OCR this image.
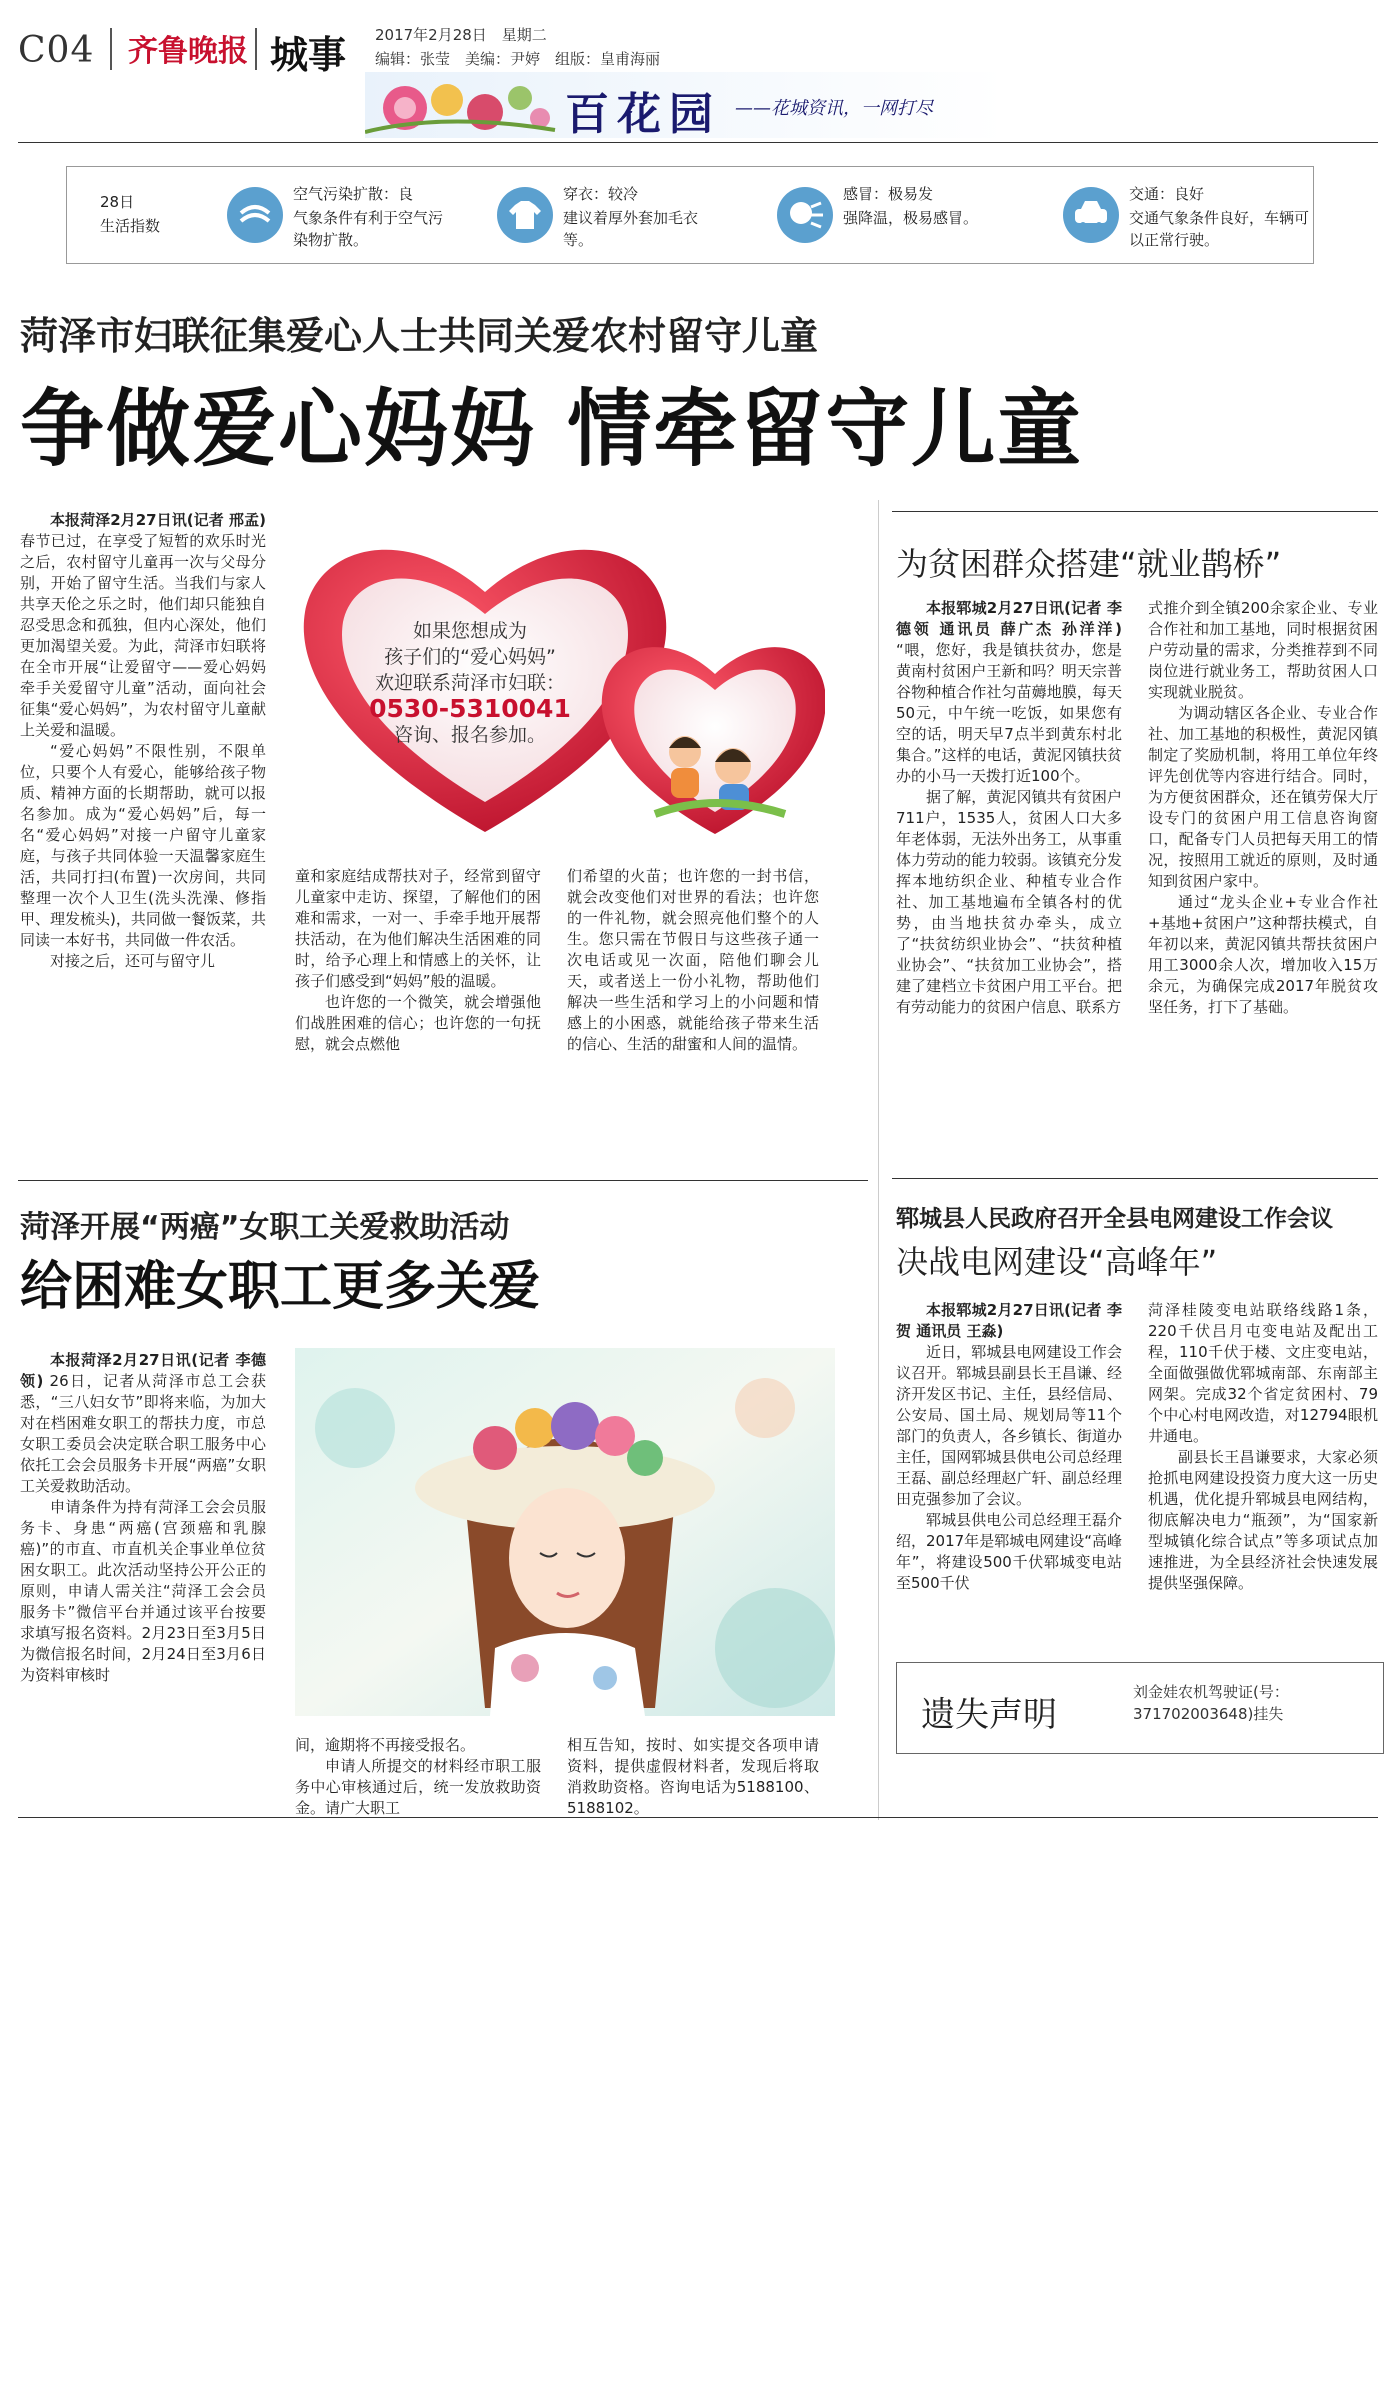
C04 齐鲁晚报 城事 2017年2月28日　星期二
编辑：张莹　美编：尹婷　组版：皇甫海丽
百花园 ——花城资讯，一网打尽
28日
生活指数
空气污染扩散：良
气象条件有利于空气污染物扩散。
穿衣：较冷
建议着厚外套加毛衣等。
感冒：极易发
强降温，极易感冒。
交通：良好
交通气象条件良好，车辆可以正常行驶。
菏泽市妇联征集爱心人士共同关爱农村留守儿童
争做爱心妈妈 情牵留守儿童

本报菏泽2月27日讯(记者 邢孟) 春节已过，在享受了短暂的欢乐时光之后，农村留守儿童再一次与父母分别，开始了留守生活。当我们与家人共享天伦之乐之时，他们却只能独自忍受思念和孤独，但内心深处，他们更加渴望关爱。为此，菏泽市妇联将在全市开展“让爱留守——爱心妈妈牵手关爱留守儿童”活动，面向社会征集“爱心妈妈”，为农村留守儿童献上关爱和温暖。

“爱心妈妈”不限性别，不限单位，只要个人有爱心，能够给孩子物质、精神方面的长期帮助，就可以报名参加。成为“爱心妈妈”后，每一名“爱心妈妈”对接一户留守儿童家庭，与孩子共同体验一天温馨家庭生活，共同打扫(布置)一次房间，共同整理一次个人卫生(洗头洗澡、修指甲、理发梳头)，共同做一餐饭菜，共同读一本好书，共同做一件农活。

对接之后，还可与留守儿

如果您想成为
孩子们的“爱心妈妈”
欢迎联系菏泽市妇联：
0530-5310041
咨询、报名参加。

童和家庭结成帮扶对子，经常到留守儿童家中走访、探望，了解他们的困难和需求，一对一、手牵手地开展帮扶活动，在为他们解决生活困难的同时，给予心理上和情感上的关怀，让孩子们感受到“妈妈”般的温暖。

也许您的一个微笑，就会增强他们战胜困难的信心；也许您的一句抚慰，就会点燃他

们希望的火苗；也许您的一封书信，就会改变他们对世界的看法；也许您的一件礼物，就会照亮他们整个的人生。您只需在节假日与这些孩子通一次电话或见一次面，陪他们聊会儿天，或者送上一份小礼物，帮助他们解决一些生活和学习上的小问题和情感上的小困惑，就能给孩子带来生活的信心、生活的甜蜜和人间的温情。

菏泽开展“两癌”女职工关爱救助活动
给困难女职工更多关爱

本报菏泽2月27日讯(记者 李德领) 26日，记者从菏泽市总工会获悉，“三八妇女节”即将来临，为加大对在档困难女职工的帮扶力度，市总女职工委员会决定联合职工服务中心依托工会会员服务卡开展“两癌”女职工关爱救助活动。

申请条件为持有菏泽工会会员服务卡、身患“两癌(宫颈癌和乳腺癌)”的市直、市直机关企事业单位贫困女职工。此次活动坚持公开公正的原则，申请人需关注“菏泽工会会员服务卡”微信平台并通过该平台按要求填写报名资料。2月23日至3月5日为微信报名时间，2月24日至3月6日为资料审核时

间，逾期将不再接受报名。

申请人所提交的材料经市职工服务中心审核通过后，统一发放救助资金。请广大职工

相互告知，按时、如实提交各项申请资料，提供虚假材料者，发现后将取消救助资格。咨询电话为5188100、5188102。

为贫困群众搭建“就业鹊桥”

本报郓城2月27日讯(记者 李德领 通讯员 薛广杰 孙洋洋) “喂，您好，我是镇扶贫办，您是黄南村贫困户王新和吗？明天宗普谷物种植合作社匀苗薅地膜，每天50元，中午统一吃饭，如果您有空的话，明天早7点半到黄东村北集合。”这样的电话，黄泥冈镇扶贫办的小马一天拨打近100个。

据了解，黄泥冈镇共有贫困户711户，1535人，贫困人口大多年老体弱，无法外出务工，从事重体力劳动的能力较弱。该镇充分发挥本地纺织企业、种植专业合作社、加工基地遍布全镇各村的优势，由当地扶贫办牵头，成立了“扶贫纺织业协会”、“扶贫种植业协会”、“扶贫加工业协会”，搭建了建档立卡贫困户用工平台。把有劳动能力的贫困户信息、联系方

式推介到全镇200余家企业、专业合作社和加工基地，同时根据贫困户劳动量的需求，分类推荐到不同岗位进行就业务工，帮助贫困人口实现就业脱贫。

为调动辖区各企业、专业合作社、加工基地的积极性，黄泥冈镇制定了奖励机制，将用工单位年终评先创优等内容进行结合。同时，为方便贫困群众，还在镇劳保大厅设专门的贫困户用工信息咨询窗口，配备专门人员把每天用工的情况，按照用工就近的原则，及时通知到贫困户家中。

通过“龙头企业+专业合作社+基地+贫困户”这种帮扶模式，自年初以来，黄泥冈镇共帮扶贫困户用工3000余人次，增加收入15万余元，为确保完成2017年脱贫攻坚任务，打下了基础。

郓城县人民政府召开全县电网建设工作会议
决战电网建设“高峰年”

本报郓城2月27日讯(记者 李贺 通讯员 王淼)

近日，郓城县电网建设工作会议召开。郓城县副县长王昌谦、经济开发区书记、主任，县经信局、公安局、国土局、规划局等11个部门的负责人，各乡镇长、街道办主任，国网郓城县供电公司总经理王磊、副总经理赵广轩、副总经理田克强参加了会议。

郓城县供电公司总经理王磊介绍，2017年是郓城电网建设“高峰年”，将建设500千伏郓城变电站至500千伏

菏泽桂陵变电站联络线路1条，220千伏吕月屯变电站及配出工程，110千伏于楼、文庄变电站，全面做强做优郓城南部、东南部主网架。完成32个省定贫困村、79个中心村电网改造，对12794眼机井通电。

副县长王昌谦要求，大家必须抢抓电网建设投资力度大这一历史机遇，优化提升郓城县电网结构，彻底解决电力“瓶颈”，为“国家新型城镇化综合试点”等多项试点加速推进，为全县经济社会快速发展提供坚强保障。

遗失声明
刘金娃农机驾驶证(号：371702003648)挂失
